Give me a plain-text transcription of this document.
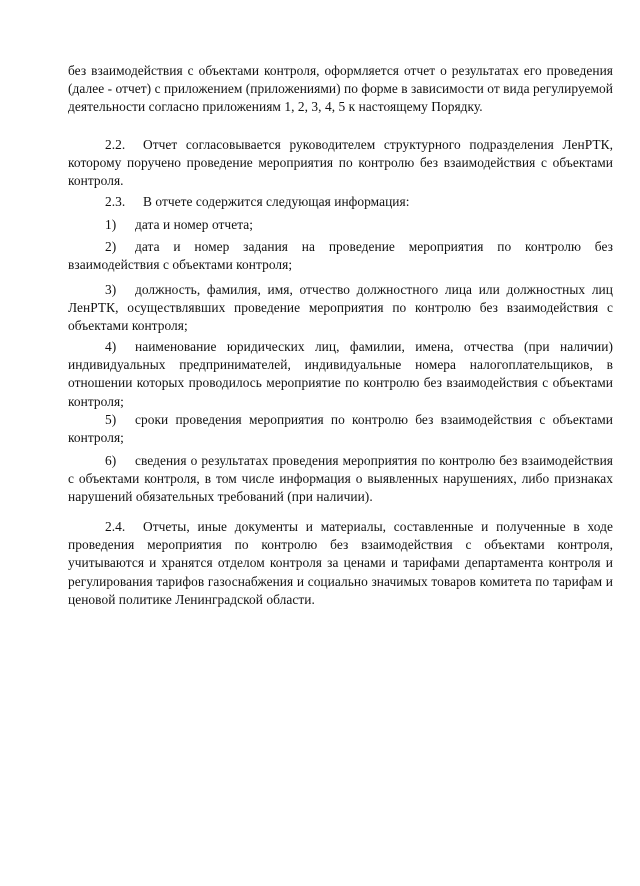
без взаимодействия с объектами контроля, оформляется отчет о результатах его проведения (далее - отчет) с приложением (приложениями) по форме в зависимости от вида регулируемой деятельности согласно приложениям 1, 2, 3, 4, 5 к настоящему Порядку.

2.2. Отчет согласовывается руководителем структурного подразделения ЛенРТК, которому поручено проведение мероприятия по контролю без взаимодействия с объектами контроля.

2.3. В отчете содержится следующая информация:

1) дата и номер отчета;

2) дата и номер задания на проведение мероприятия по контролю без взаимодействия с объектами контроля;

3) должность, фамилия, имя, отчество должностного лица или должностных лиц ЛенРТК, осуществлявших проведение мероприятия по контролю без взаимодействия с объектами контроля;

4) наименование юридических лиц, фамилии, имена, отчества (при наличии) индивидуальных предпринимателей, индивидуальные номера налогоплательщиков, в отношении которых проводилось мероприятие по контролю без взаимодействия с объектами контроля;

5) сроки проведения мероприятия по контролю без взаимодействия с объектами контроля;

6) сведения о результатах проведения мероприятия по контролю без взаимодействия с объектами контроля, в том числе информация о выявленных нарушениях, либо признаках нарушений обязательных требований (при наличии).

2.4. Отчеты, иные документы и материалы, составленные и полученные в ходе проведения мероприятия по контролю без взаимодействия с объектами контроля, учитываются и хранятся отделом контроля за ценами и тарифами департамента контроля и регулирования тарифов газоснабжения и социально значимых товаров комитета по тарифам и ценовой политике Ленинградской области.
